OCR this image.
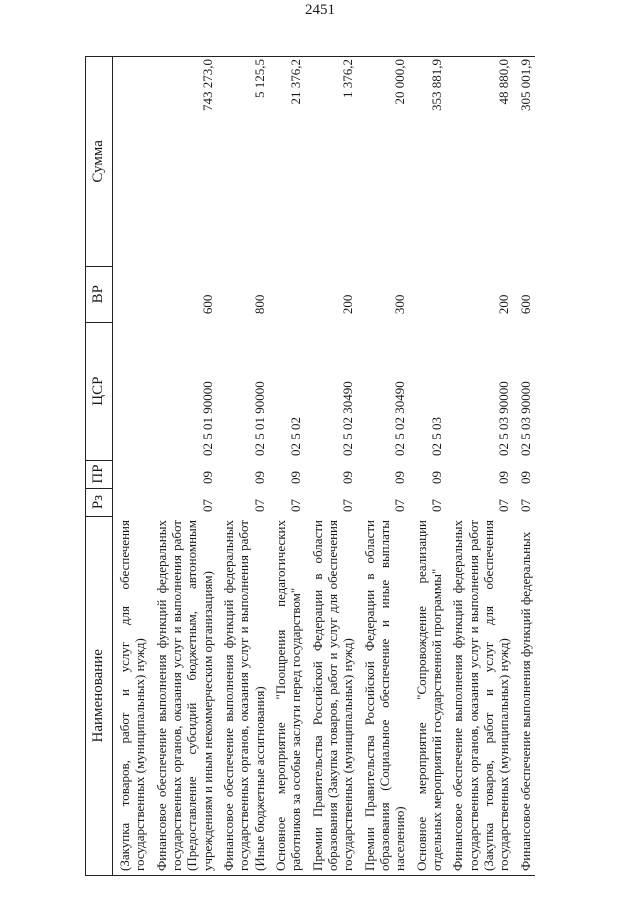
2451
Наименование	Рз	ПР	ЦСР	ВР	Сумма
(Закупка товаров, работ и услуг для обеспечения государственных (муниципальных) нужд)					
Финансовое обеспечение выполнения функций федеральных государственных органов, оказания услуг и выполнения работ (Предоставление субсидий бюджетным, автономным учреждениям и иным некоммерческим организациям)	07	09	02 5 01 90000	600	743 273,0
Финансовое обеспечение выполнения функций федеральных государственных органов, оказания услуг и выполнения работ (Иные бюджетные ассигнования)	07	09	02 5 01 90000	800	5 125,5
Основное мероприятие "Поощрения педагогических работников за особые заслуги перед государством"	07	09	02 5 02		21 376,2
Премии Правительства Российской Федерации в области образования (Закупка товаров, работ и услуг для обеспечения государственных (муниципальных) нужд)	07	09	02 5 02 30490	200	1 376,2
Премии Правительства Российской Федерации в области образования (Социальное обеспечение и иные выплаты населению)	07	09	02 5 02 30490	300	20 000,0
Основное мероприятие "Сопровождение реализации отдельных мероприятий государственной программы"	07	09	02 5 03		353 881,9
Финансовое обеспечение выполнения функций федеральных государственных органов, оказания услуг и выполнения работ (Закупка товаров, работ и услуг для обеспечения государственных (муниципальных) нужд)	07	09	02 5 03 90000	200	48 880,0
Финансовое обеспечение выполнения функций федеральных	07	09	02 5 03 90000	600	305 001,9
